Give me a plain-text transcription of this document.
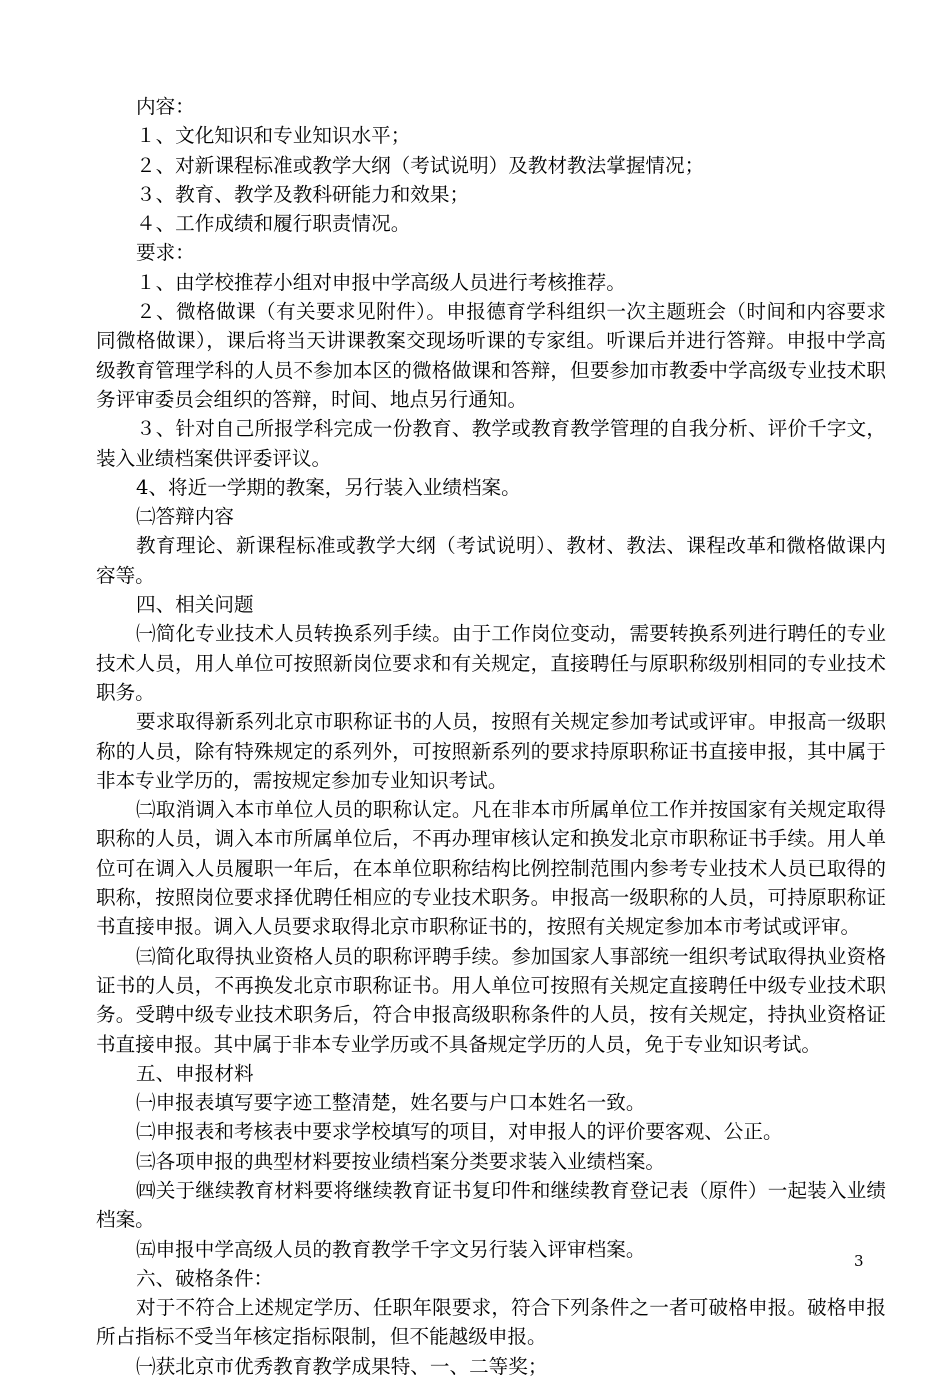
内容：

１、文化知识和专业知识水平；

２、对新课程标准或教学大纲（考试说明）及教材教法掌握情况；

３、教育、教学及教科研能力和效果；

４、工作成绩和履行职责情况。

要求：

１、由学校推荐小组对申报中学高级人员进行考核推荐。

２、微格做课（有关要求见附件）。申报德育学科组织一次主题班会（时间和内容要求同微格做课），课后将当天讲课教案交现场听课的专家组。听课后并进行答辩。申报中学高级教育管理学科的人员不参加本区的微格做课和答辩，但要参加市教委中学高级专业技术职务评审委员会组织的答辩，时间、地点另行通知。

３、针对自己所报学科完成一份教育、教学或教育教学管理的自我分析、评价千字文，装入业绩档案供评委评议。

4、将近一学期的教案，另行装入业绩档案。

㈡答辩内容

教育理论、新课程标准或教学大纲（考试说明）、教材、教法、课程改革和微格做课内容等。

四、相关问题

㈠简化专业技术人员转换系列手续。由于工作岗位变动，需要转换系列进行聘任的专业技术人员，用人单位可按照新岗位要求和有关规定，直接聘任与原职称级别相同的专业技术职务。

要求取得新系列北京市职称证书的人员，按照有关规定参加考试或评审。申报高一级职称的人员，除有特殊规定的系列外，可按照新系列的要求持原职称证书直接申报，其中属于非本专业学历的，需按规定参加专业知识考试。

㈡取消调入本市单位人员的职称认定。凡在非本市所属单位工作并按国家有关规定取得职称的人员，调入本市所属单位后，不再办理审核认定和换发北京市职称证书手续。用人单位可在调入人员履职一年后，在本单位职称结构比例控制范围内参考专业技术人员已取得的职称，按照岗位要求择优聘任相应的专业技术职务。申报高一级职称的人员，可持原职称证书直接申报。调入人员要求取得北京市职称证书的，按照有关规定参加本市考试或评审。

㈢简化取得执业资格人员的职称评聘手续。参加国家人事部统一组织考试取得执业资格证书的人员，不再换发北京市职称证书。用人单位可按照有关规定直接聘任中级专业技术职务。受聘中级专业技术职务后，符合申报高级职称条件的人员，按有关规定，持执业资格证书直接申报。其中属于非本专业学历或不具备规定学历的人员，免于专业知识考试。

五、申报材料

㈠申报表填写要字迹工整清楚，姓名要与户口本姓名一致。

㈡申报表和考核表中要求学校填写的项目，对申报人的评价要客观、公正。

㈢各项申报的典型材料要按业绩档案分类要求装入业绩档案。

㈣关于继续教育材料要将继续教育证书复印件和继续教育登记表（原件）一起装入业绩档案。

㈤申报中学高级人员的教育教学千字文另行装入评审档案。

六、破格条件：

对于不符合上述规定学历、任职年限要求，符合下列条件之一者可破格申报。破格申报所占指标不受当年核定指标限制，但不能越级申报。

㈠获北京市优秀教育教学成果特、一、二等奖；

3
